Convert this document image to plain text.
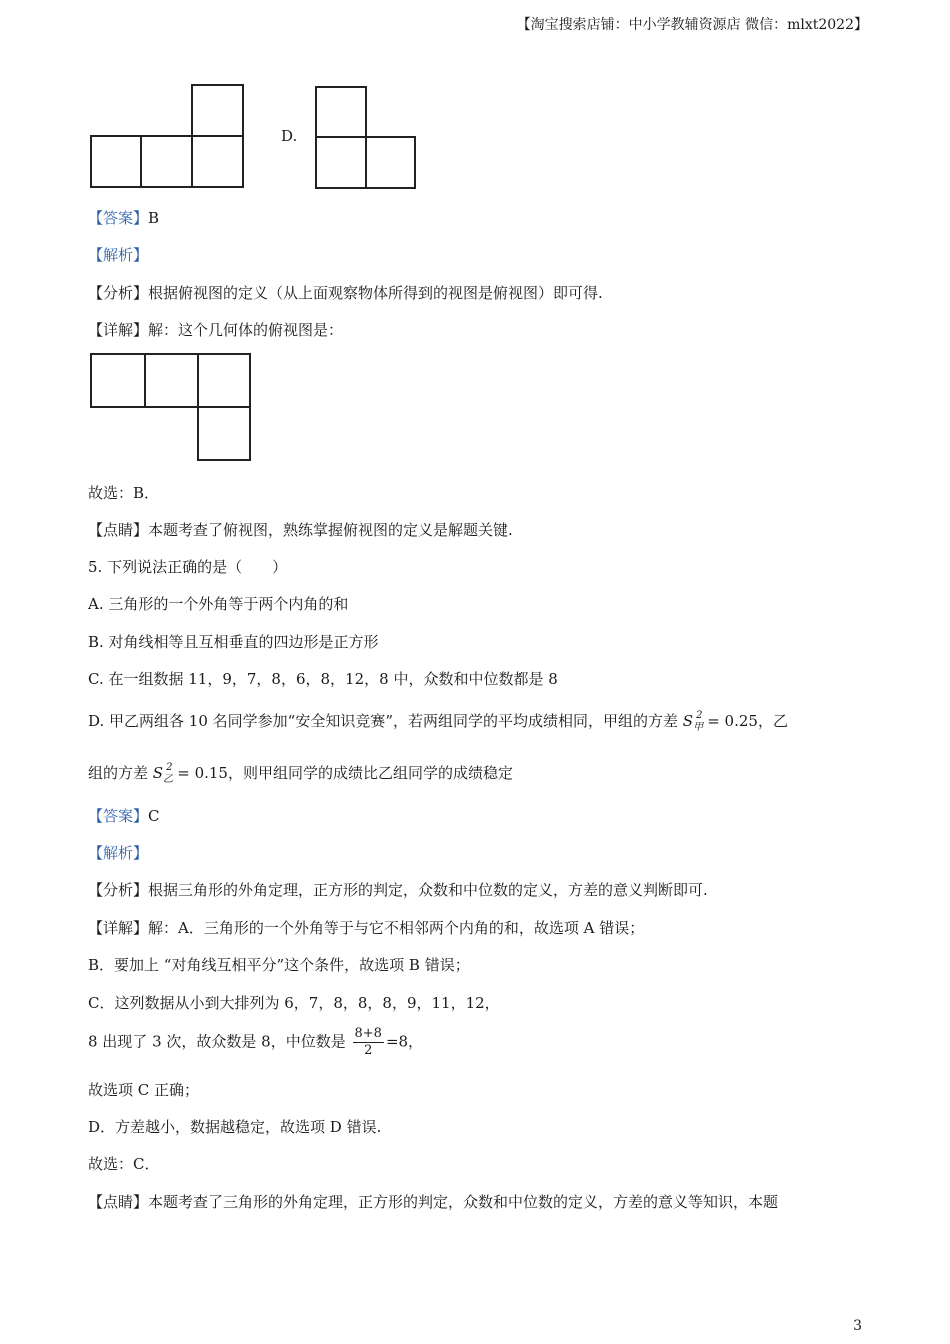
【淘宝搜索店铺：中小学教辅资源店 微信：mlxt2022】
D.
【答案】B
【解析】
【分析】根据俯视图的定义（从上面观察物体所得到的视图是俯视图）即可得.
【详解】解：这个几何体的俯视图是：
故选：B．
【点睛】本题考查了俯视图，熟练掌握俯视图的定义是解题关键.
5. 下列说法正确的是（　　）
A. 三角形的一个外角等于两个内角的和
B. 对角线相等且互相垂直的四边形是正方形
C. 在一组数据 11，9，7，8，6，8，12，8 中，众数和中位数都是 8
D. 甲乙两组各 10 名同学参加“安全知识竞赛”，若两组同学的平均成绩相同，甲组的方差 $S_甲^2 = 0.25$，乙
组的方差 $S_乙^2 = 0.15$，则甲组同学的成绩比乙组同学的成绩稳定
【答案】C
【解析】
【分析】根据三角形的外角定理，正方形的判定，众数和中位数的定义，方差的意义判断即可.
【详解】解：A．三角形的一个外角等于与它不相邻两个内角的和，故选项 A 错误；
B．要加上 “对角线互相平分”这个条件，故选项 B 错误；
C．这列数据从小到大排列为 6，7，8，8，8，9，11，12，
8 出现了 3 次，故众数是 8，中位数是 $\frac{8+8}{2} =8$，
故选项 C 正确；
D．方差越小，数据越稳定，故选项 D 错误.
故选：C．
【点睛】本题考查了三角形的外角定理，正方形的判定，众数和中位数的定义，方差的意义等知识，本题
3
